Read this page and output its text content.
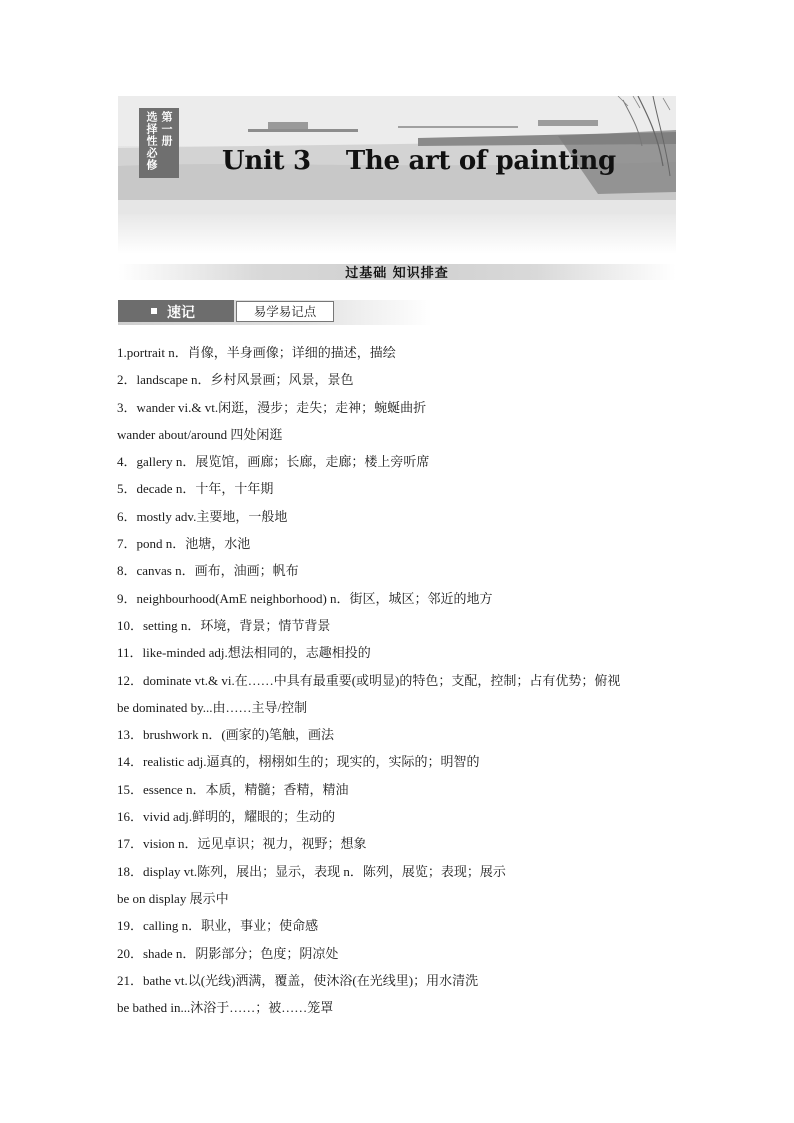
第一册
选择性必修 Unit 3    The art of painting
过基础 知识排查
速记	易学易记点
1.portrait n．肖像，半身画像；详细的描述，描绘
2．landscape n．乡村风景画；风景，景色
3．wander vi.& vt.闲逛，漫步；走失；走神；蜿蜒曲折
wander about/around 四处闲逛
4．gallery n．展览馆，画廊；长廊，走廊；楼上旁听席
5．decade n．十年，十年期
6．mostly adv.主要地，一般地
7．pond n．池塘，水池
8．canvas n．画布，油画；帆布
9．neighbourhood(AmE neighborhood) n．街区，城区；邻近的地方
10．setting n．环境，背景；情节背景
11．like-minded adj.想法相同的，志趣相投的
12．dominate vt.& vi.在……中具有最重要(或明显)的特色；支配，控制；占有优势；俯视
be dominated by...由……主导/控制
13．brushwork n．(画家的)笔触，画法
14．realistic adj.逼真的，栩栩如生的；现实的，实际的；明智的
15．essence n．本质，精髓；香精，精油
16．vivid adj.鲜明的，耀眼的；生动的
17．vision n．远见卓识；视力，视野；想象
18．display vt.陈列，展出；显示，表现 n．陈列，展览；表现；展示
be on display 展示中
19．calling n．职业，事业；使命感
20．shade n．阴影部分；色度；阴凉处
21．bathe vt.以(光线)洒满，覆盖，使沐浴(在光线里)；用水清洗
be bathed in...沐浴于……；被……笼罩
